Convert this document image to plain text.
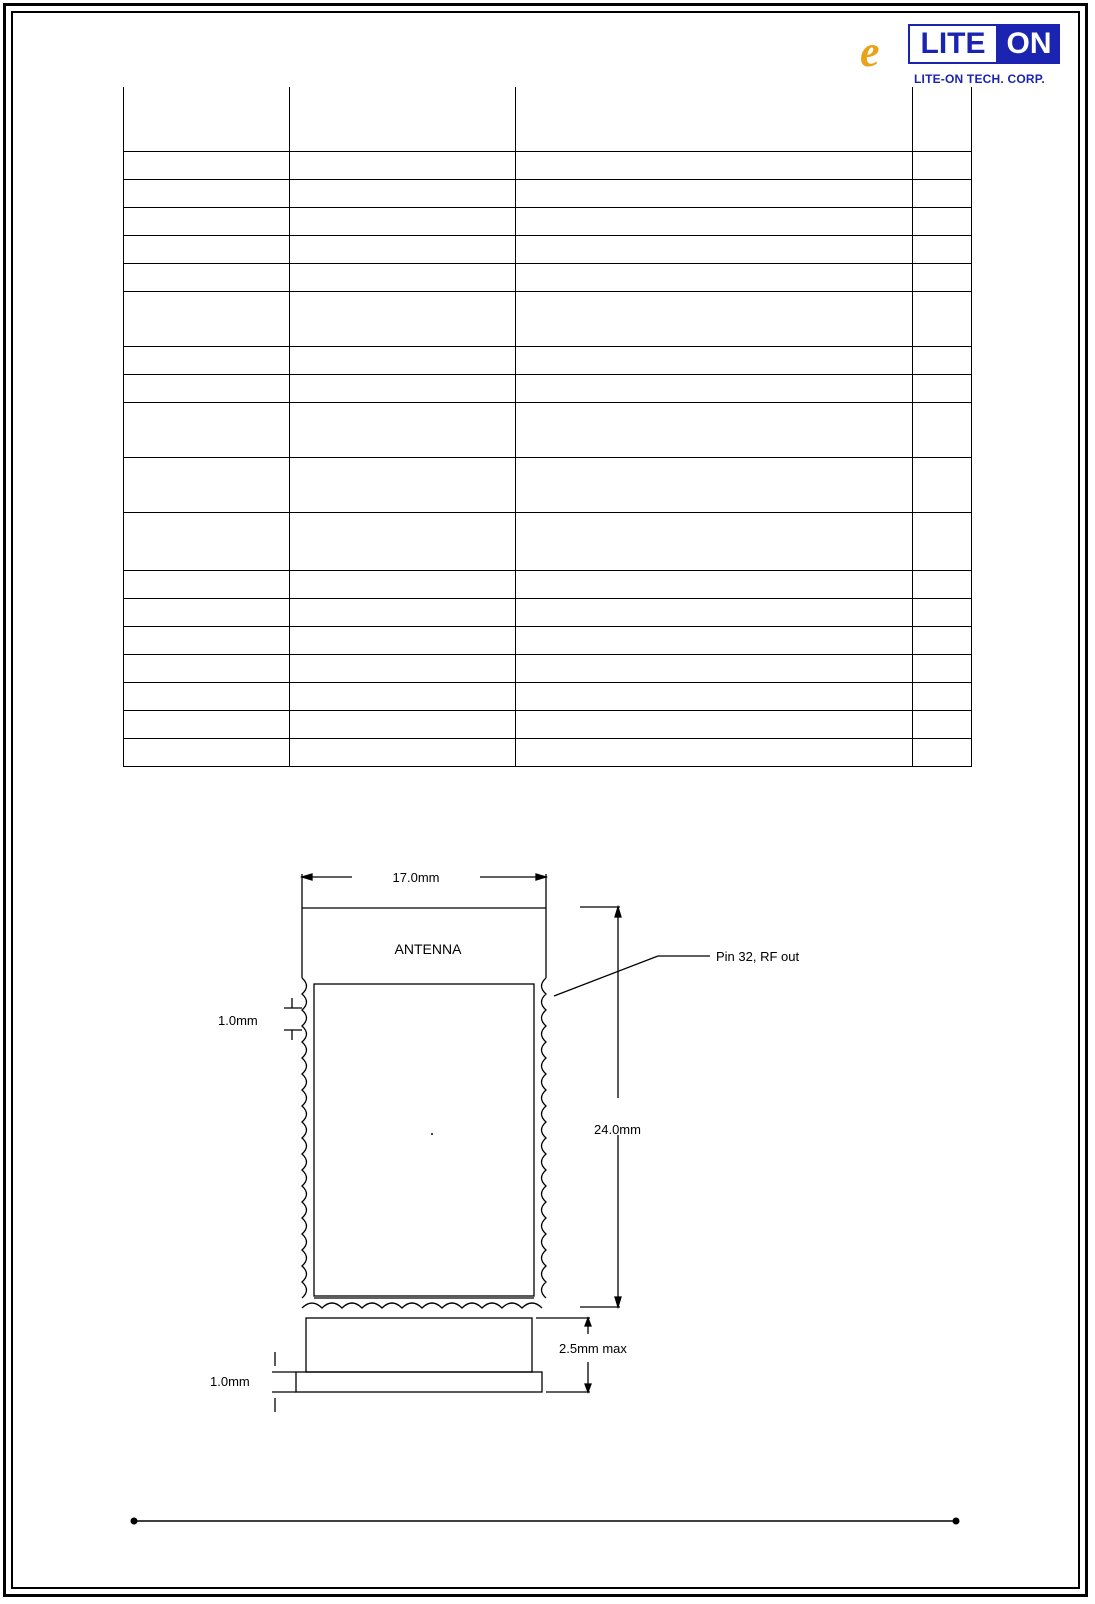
e	LITE ON
LITE-ON TECH. CORP.

17.0mm
ANTENNA	Pin 32, RF out
1.0mm
24.0mm
2.5mm max
1.0mm
